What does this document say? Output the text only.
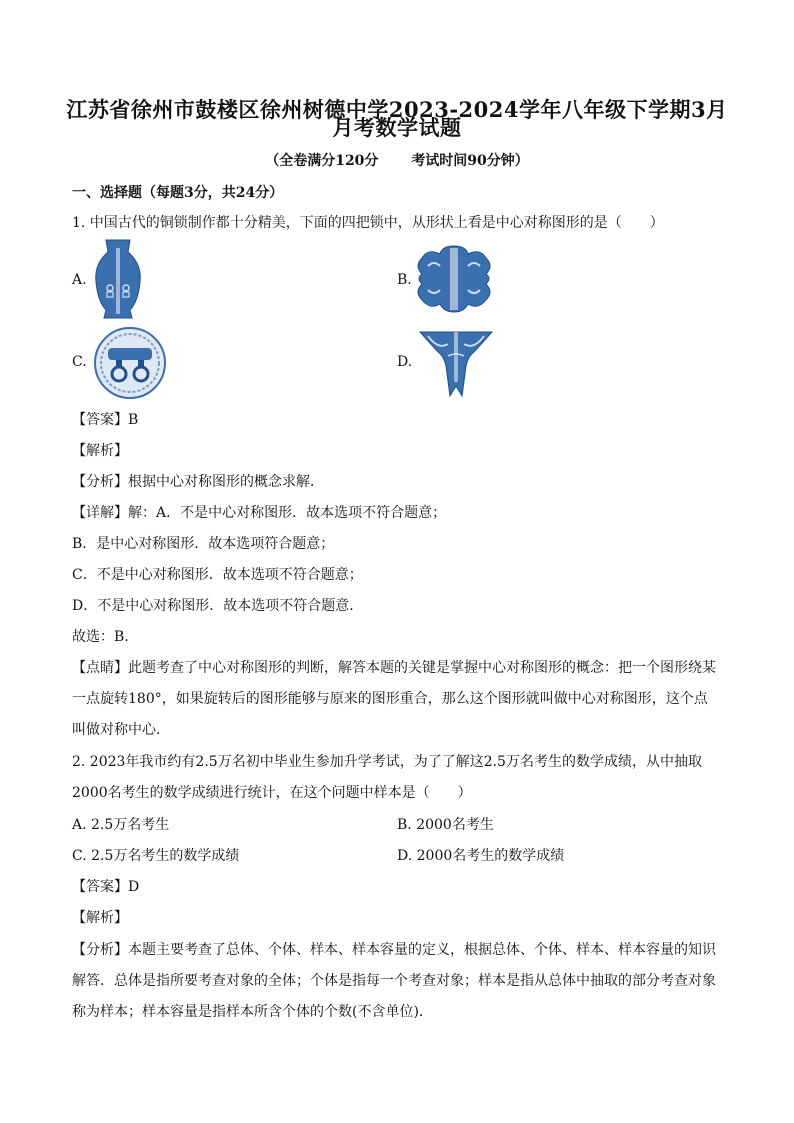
江苏省徐州市鼓楼区徐州树德中学2023-2024学年八年级下学期3月
月考数学试题
（全卷满分120分 考试时间90分钟）
一、选择题（每题3分，共24分）
1. 中国古代的铜锁制作都十分精美，下面的四把锁中，从形状上看是中心对称图形的是（　　）
A.	B.
C.	D.
【答案】B
【解析】
【分析】根据中心对称图形的概念求解．
【详解】解：A．不是中心对称图形．故本选项不符合题意；
B．是中心对称图形．故本选项符合题意；
C．不是中心对称图形．故本选项不符合题意；
D．不是中心对称图形．故本选项不符合题意．
故选：B．
【点睛】此题考查了中心对称图形的判断，解答本题的关键是掌握中心对称图形的概念：把一个图形绕某
一点旋转180°，如果旋转后的图形能够与原来的图形重合，那么这个图形就叫做中心对称图形，这个点
叫做对称中心．
2. 2023年我市约有2.5万名初中毕业生参加升学考试，为了了解这2.5万名考生的数学成绩，从中抽取
2000名考生的数学成绩进行统计，在这个问题中样本是（　　）
A. 2.5万名考生	B. 2000名考生
C. 2.5万名考生的数学成绩	D. 2000名考生的数学成绩
【答案】D
【解析】
【分析】本题主要考查了总体、个体、样本、样本容量的定义，根据总体、个体、样本、样本容量的知识
解答．总体是指所要考查对象的全体；个体是指每一个考查对象；样本是指从总体中抽取的部分考查对象
称为样本；样本容量是指样本所含个体的个数(不含单位)．
